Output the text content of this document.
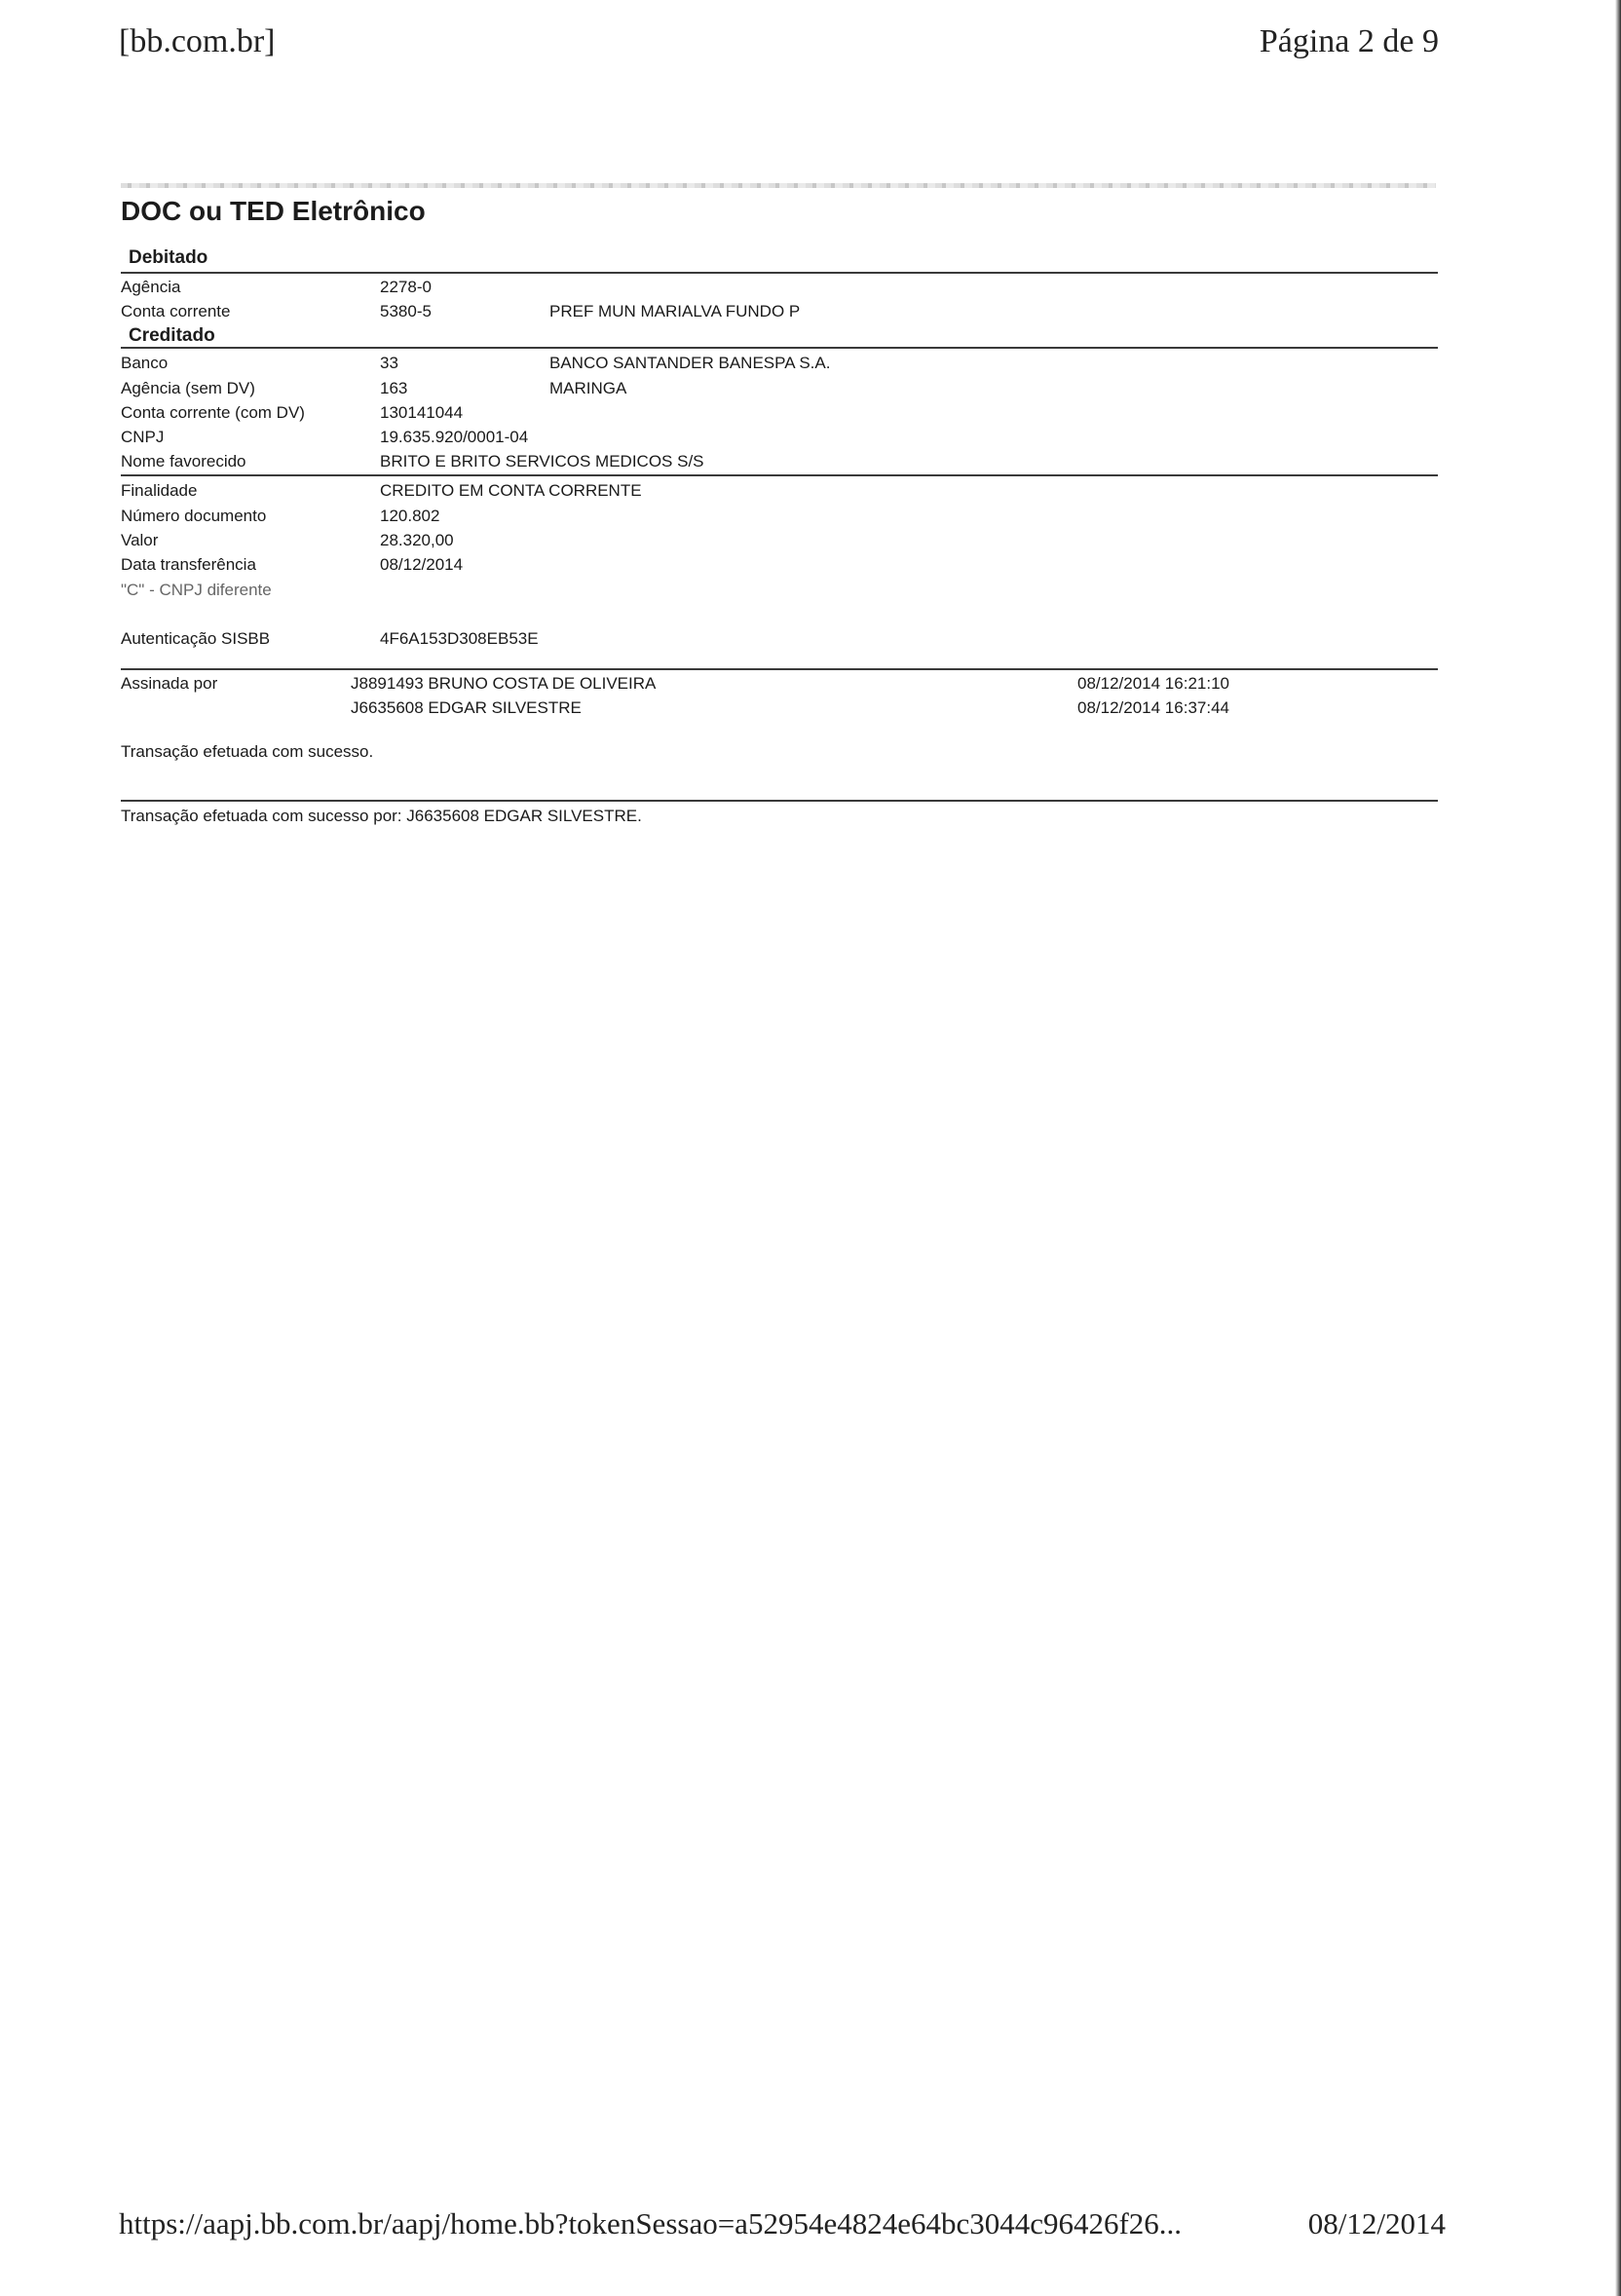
[bb.com.br]	Página 2 de 9
DOC ou TED Eletrônico
Debitado
Agência	2278-0
Conta corrente	5380-5	PREF MUN MARIALVA FUNDO P
Creditado
Banco	33	BANCO SANTANDER BANESPA S.A.
Agência (sem DV)	163	MARINGA
Conta corrente (com DV)	130141044
CNPJ	19.635.920/0001-04
Nome favorecido	BRITO E BRITO SERVICOS MEDICOS S/S
Finalidade	CREDITO EM CONTA CORRENTE
Número documento	120.802
Valor	28.320,00
Data transferência	08/12/2014
"C" - CNPJ diferente
Autenticação SISBB	4F6A153D308EB53E
Assinada por	J8891493 BRUNO COSTA DE OLIVEIRA	08/12/2014 16:21:10
J6635608 EDGAR SILVESTRE	08/12/2014 16:37:44
Transação efetuada com sucesso.
Transação efetuada com sucesso por: J6635608 EDGAR SILVESTRE.
https://aapj.bb.com.br/aapj/home.bb?tokenSessao=a52954e4824e64bc3044c96426f26...	08/12/2014
